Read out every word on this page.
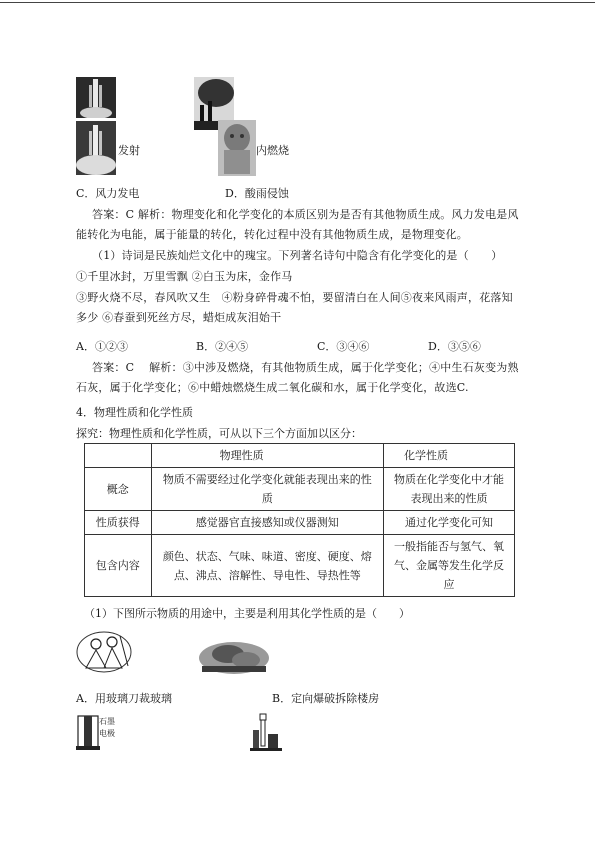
发射	内燃烧
C．风力发电	D．酸雨侵蚀
答案：C 解析：物理变化和化学变化的本质区别为是否有其他物质生成。风力发电是风能转化为电能，属于能量的转化，转化过程中没有其他物质生成，是物理变化。
（1）诗词是民族灿烂文化中的瑰宝。下列著名诗句中隐含有化学变化的是（　　）
①千里冰封，万里雪飘 ②白玉为床，金作马
③野火烧不尽，春风吹又生　④粉身碎骨魂不怕，要留清白在人间⑤夜来风雨声，花落知多少 ⑥春蚕到死丝方尽，蜡炬成灰泪始干
A．①②③	B．②④⑤	C．③④⑥	D．③⑤⑥
答案：C　 解析：③中涉及燃烧，有其他物质生成，属于化学变化；④中生石灰变为熟石灰，属于化学变化；⑥中蜡烛燃烧生成二氧化碳和水，属于化学变化，故选C.
4．物理性质和化学性质
探究：物理性质和化学性质，可从以下三个方面加以区分：
	物理性质	化学性质
概念	物质不需要经过化学变化就能表现出来的性质	物质在化学变化中才能表现出来的性质
性质获得	感觉器官直接感知或仪器测知	通过化学变化可知
包含内容	颜色、状态、气味、味道、密度、硬度、熔点、沸点、溶解性、导电性、导热性等	一般指能否与氢气、氧气、金属等发生化学反应
（1）下图所示物质的用途中，主要是利用其化学性质的是（　　）
A．用玻璃刀裁玻璃	B．定向爆破拆除楼房
石墨
电极
